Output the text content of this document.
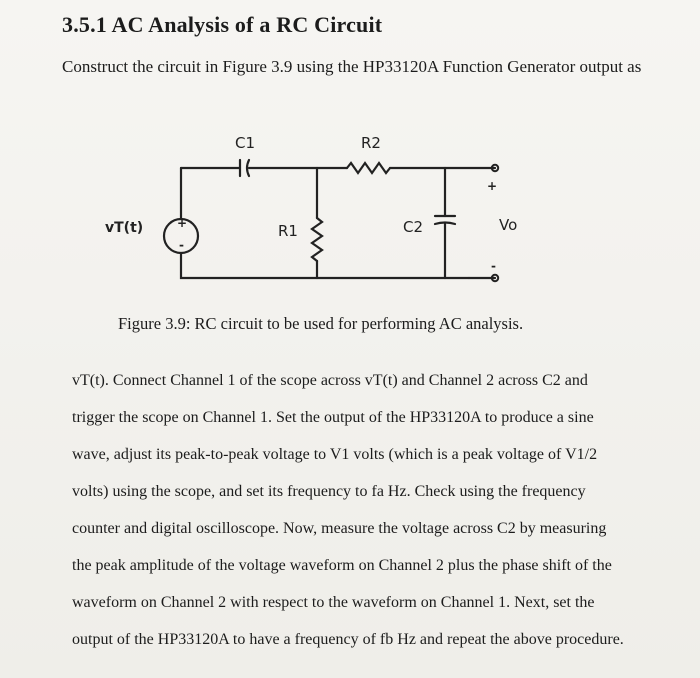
3.5.1 AC Analysis of a RC Circuit
Construct the circuit in Figure 3.9 using the HP33120A Function Generator output as
vT(t)	+
-
C1	R2
R1	C2
+
-
Vo
Figure 3.9: RC circuit to be used for performing AC analysis.
vT(t). Connect Channel 1 of the scope across vT(t) and Channel 2 across C2 and
trigger the scope on Channel 1. Set the output of the HP33120A to produce a sine
wave, adjust its peak-to-peak voltage to V1 volts (which is a peak voltage of V1/2
volts) using the scope, and set its frequency to fa Hz. Check using the frequency
counter and digital oscilloscope. Now, measure the voltage across C2 by measuring
the peak amplitude of the voltage waveform on Channel 2 plus the phase shift of the
waveform on Channel 2 with respect to the waveform on Channel 1. Next, set the
output of the HP33120A to have a frequency of fb Hz and repeat the above procedure.
